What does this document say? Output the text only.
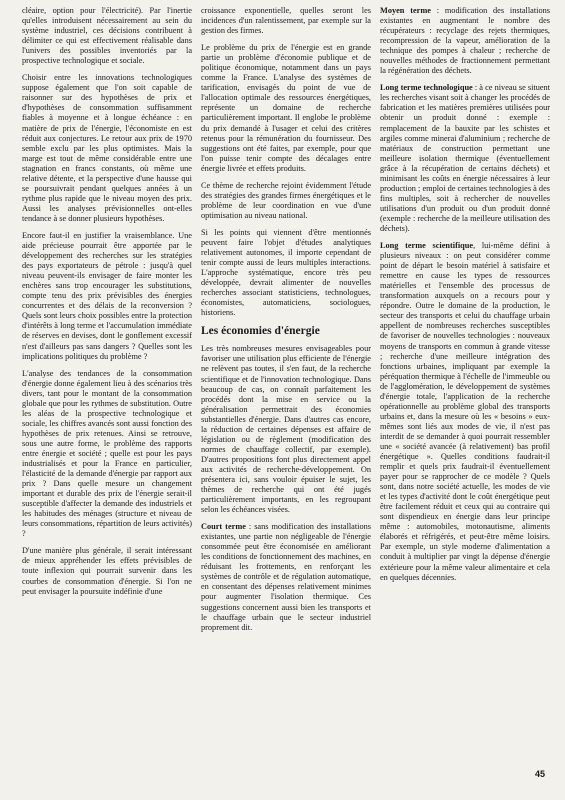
cléaire, option pour l'électricité). Par l'inertie qu'elles introduisent nécessairement au sein du système industriel, ces décisions contribuent à délimiter ce qui est effectivement réalisable dans l'univers des possibles inventoriés par la prospective technologique et sociale.

Choisir entre les innovations technologiques suppose également que l'on soit capable de raisonner sur des hypothèses de prix et d'hypothèses de consommation suffisamment fiables à moyenne et à longue échéance : en matière de prix de l'énergie, l'économiste en est réduit aux conjectures. Le retour aux prix de 1970 semble exclu par les plus optimistes. Mais la marge est tout de même considérable entre une stagnation en francs constants, où même une relative détente, et la perspective d'une hausse qui se poursuivrait pendant quelques années à un rythme plus rapide que le niveau moyen des prix. Aussi les analyses prévisionnelles ont-elles tendance à se donner plusieurs hypothèses.

Encore faut-il en justifier la vraisemblance. Une aide précieuse pourrait être apportée par le développement des recherches sur les stratégies des pays exportateurs de pétrole : jusqu'à quel niveau peuvent-ils envisager de faire monter les enchères sans trop encourager les substitutions, compte tenu des prix prévisibles des énergies concurrentes et des délais de la reconversion ? Quels sont leurs choix possibles entre la protection d'intérêts à long terme et l'accumulation immédiate de réserves en devises, dont le gonflement excessif n'est d'ailleurs pas sans dangers ? Quelles sont les implications politiques du problème ?

L'analyse des tendances de la consommation d'énergie donne également lieu à des scénarios très divers, tant pour le montant de la consommation globale que pour les rythmes de substitution. Outre les aléas de la prospective technologique et sociale, les chiffres avancés sont aussi fonction des hypothèses de prix retenues. Ainsi se retrouve, sous une autre forme, le problème des rapports entre énergie et société ; quelle est pour les pays industrialisés et pour la France en particulier, l'élasticité de la demande d'énergie par rapport aux prix ? Dans quelle mesure un changement important et durable des prix de l'énergie serait-il susceptible d'affecter la demande des industriels et les habitudes des ménages (structure et niveau de leurs consommations, répartition de leurs activités) ?

D'une manière plus générale, il serait intéressant de mieux appréhender les effets prévisibles de toute inflexion qui pourrait survenir dans les courbes de consommation d'énergie. Si l'on ne peut envisager la poursuite indéfinie d'une

croissance exponentielle, quelles seront les incidences d'un ralentissement, par exemple sur la gestion des firmes.

Le problème du prix de l'énergie est en grande partie un problème d'économie publique et de politique économique, notamment dans un pays comme la France. L'analyse des systèmes de tarification, envisagés du point de vue de l'allocation optimale des ressources énergétiques, représente un domaine de recherche particulièrement important. Il englobe le problème du prix demandé à l'usager et celui des critères retenus pour la rémunération du fournisseur. Des suggestions ont été faites, par exemple, pour que l'on puisse tenir compte des décalages entre énergie livrée et effets produits.

Ce thème de recherche rejoint évidemment l'étude des stratégies des grandes firmes énergétiques et le problème de leur coordination en vue d'une optimisation au niveau national.

Si les points qui viennent d'être mentionnés peuvent faire l'objet d'études analytiques relativement autonomes, il importe cependant de tenir compte aussi de leurs multiples interactions. L'approche systématique, encore très peu développée, devrait alimenter de nouvelles recherches associant statisticiens, technologues, économistes, automaticiens, sociologues, historiens.

Les économies d'énergie

Les très nombreuses mesures envisageables pour favoriser une utilisation plus efficiente de l'énergie ne relèvent pas toutes, il s'en faut, de la recherche scientifique et de l'innovation technologique. Dans beaucoup de cas, on connaît parfaitement les procédés dont la mise en service ou la généralisation permettrait des économies substantielles d'énergie. Dans d'autres cas encore, la réduction de certaines dépenses est affaire de législation ou de règlement (modification des normes de chauffage collectif, par exemple). D'autres propositions font plus directement appel aux activités de recherche-développement. On présentera ici, sans vouloir épuiser le sujet, les thèmes de recherche qui ont été jugés particulièrement importants, en les regroupant selon les échéances visées.

Court terme : sans modification des installations existantes, une partie non négligeable de l'énergie consommée peut être économisée en améliorant les conditions de fonctionnement des machines, en réduisant les frottements, en renforçant les systèmes de contrôle et de régulation automatique, en consentant des dépenses relativement minimes pour augmenter l'isolation thermique. Ces suggestions concernent aussi bien les transports et le chauffage urbain que le secteur industriel proprement dit.

Moyen terme : modification des installations existantes en augmentant le nombre des récupérateurs : recyclage des rejets thermiques, recompression de la vapeur, amélioration de la technique des pompes à chaleur ; recherche de nouvelles méthodes de fractionnement permettant la régénération des déchets.

Long terme technologique : à ce niveau se situent les recherches visant soit à changer les procédés de fabrication et les matières premières utilisées pour obtenir un produit donné : exemple : remplacement de la bauxite par les schistes et argiles comme minerai d'aluminium ; recherche de matériaux de construction permettant une meilleure isolation thermique (éventuellement grâce à la récupération de certains déchets) et minimisant les coûts en énergie nécessaires à leur production ; emploi de certaines technologies à des fins multiples, soit à rechercher de nouvelles utilisations d'un produit ou d'un produit donné (exemple : recherche de la meilleure utilisation des déchets).

Long terme scientifique, lui-même défini à plusieurs niveaux : on peut considérer comme point de départ le besoin matériel à satisfaire et remettre en cause les types de ressources matérielles et l'ensemble des processus de transformation auxquels on a recours pour y répondre. Outre le domaine de la production, le secteur des transports et celui du chauffage urbain appellent de nombreuses recherches susceptibles de favoriser de nouvelles technologies : nouveaux moyens de transports en commun à grande vitesse ; recherche d'une meilleure intégration des fonctions urbaines, impliquant par exemple la péréquation thermique à l'échelle de l'immeuble ou de l'agglomération, le développement de systèmes d'énergie totale, l'application de la recherche opérationnelle au problème global des transports urbains et, dans la mesure où les « besoins » eux-mêmes sont liés aux modes de vie, il n'est pas interdit de se demander à quoi pourrait ressembler une « société avancée (à relativement) bas profil énergétique ». Quelles conditions faudrait-il remplir et quels prix faudrait-il éventuellement payer pour se rapprocher de ce modèle ? Quels sont, dans notre société actuelle, les modes de vie et les types d'activité dont le coût énergétique peut être facilement réduit et ceux qui au contraire qui sont dispendieux en énergie dans leur principe même : automobiles, motonautisme, aliments élaborés et réfrigérés, et peut-être même loisirs. Par exemple, un style moderne d'alimentation a conduit à multiplier par vingt la dépense d'énergie extérieure pour la même valeur alimentaire et cela en quelques décennies.

45
